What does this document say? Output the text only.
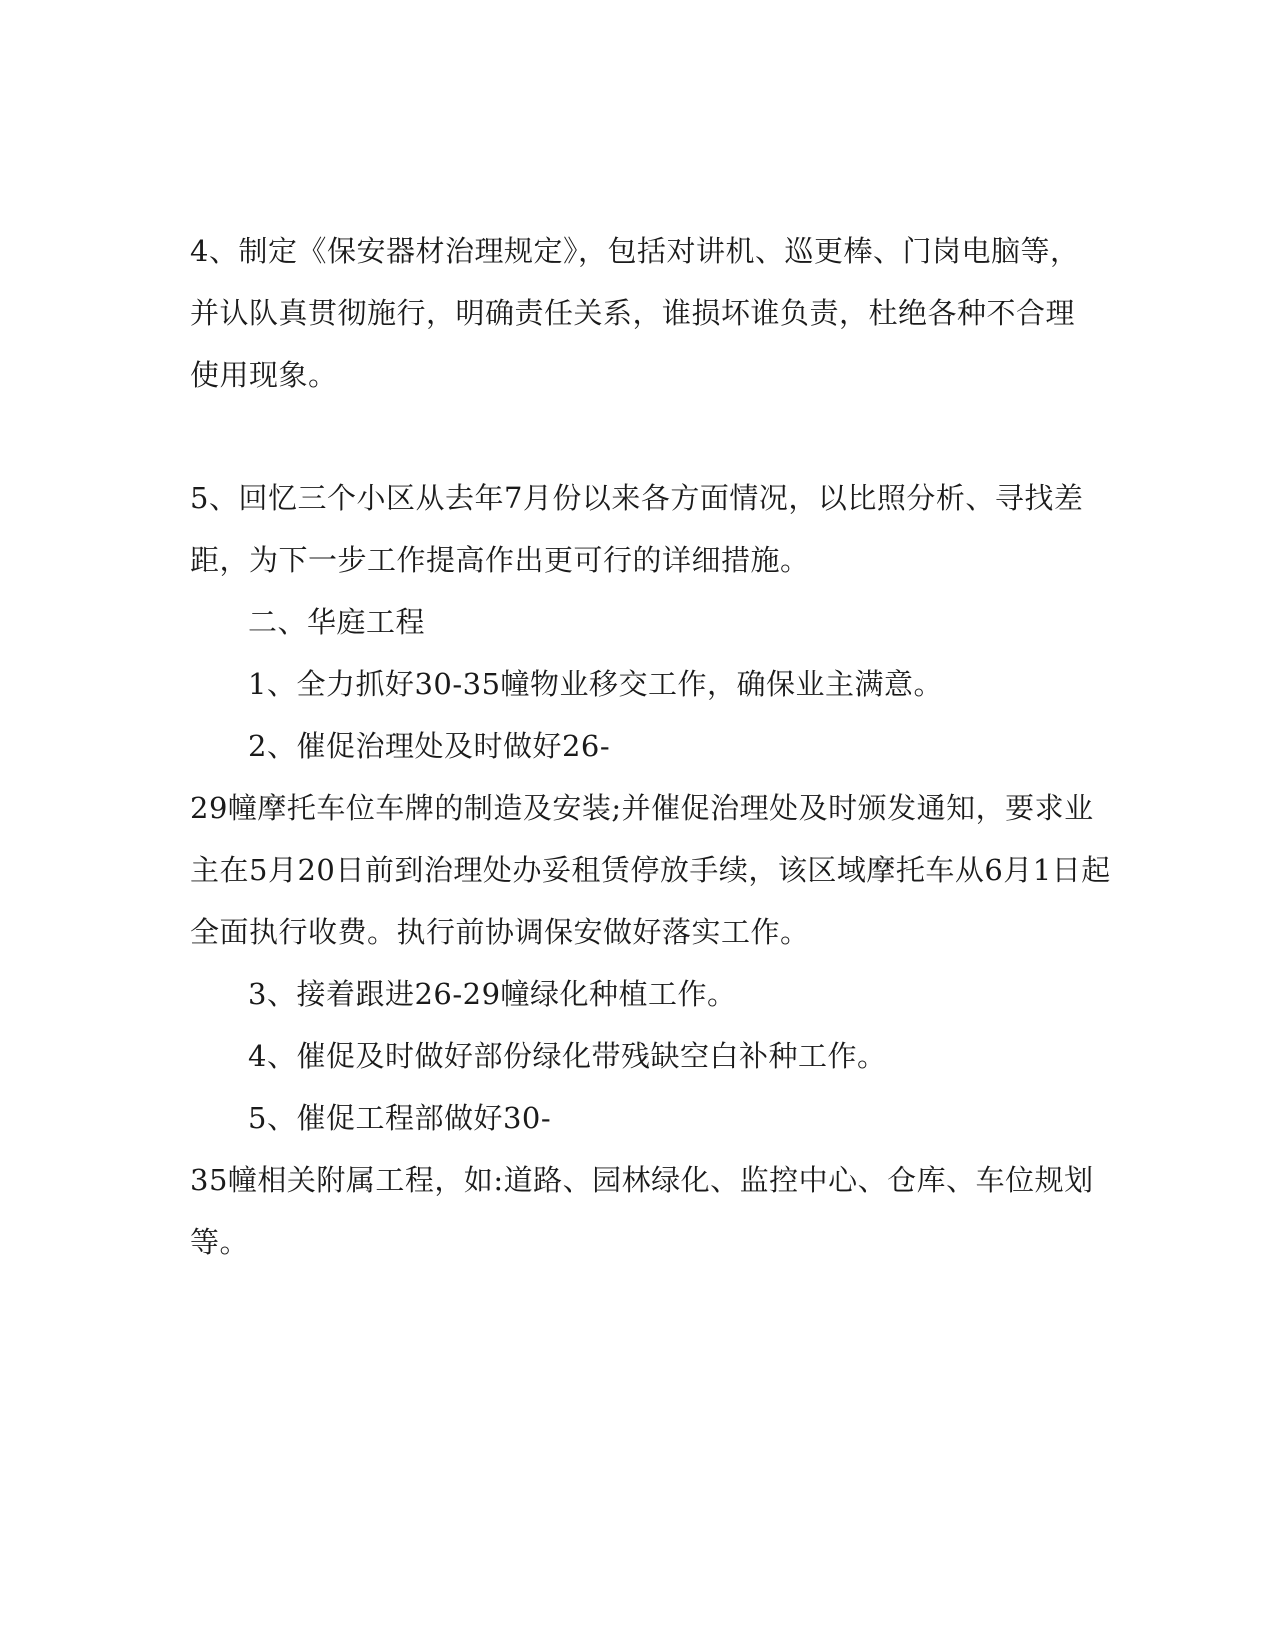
4、制定《保安器材治理规定》，包括对讲机、巡更棒、门岗电脑等，
并认队真贯彻施行，明确责任关系，谁损坏谁负责，杜绝各种不合理
使用现象。
5、回忆三个小区从去年7月份以来各方面情况，以比照分析、寻找差
距，为下一步工作提高作出更可行的详细措施。
二、华庭工程
1、全力抓好30-35幢物业移交工作，确保业主满意。
2、催促治理处及时做好26-
29幢摩托车位车牌的制造及安装;并催促治理处及时颁发通知，要求业
主在5月20日前到治理处办妥租赁停放手续，该区域摩托车从6月1日起
全面执行收费。执行前协调保安做好落实工作。
3、接着跟进26-29幢绿化种植工作。
4、催促及时做好部份绿化带残缺空白补种工作。
5、催促工程部做好30-
35幢相关附属工程，如:道路、园林绿化、监控中心、仓库、车位规划
等。
